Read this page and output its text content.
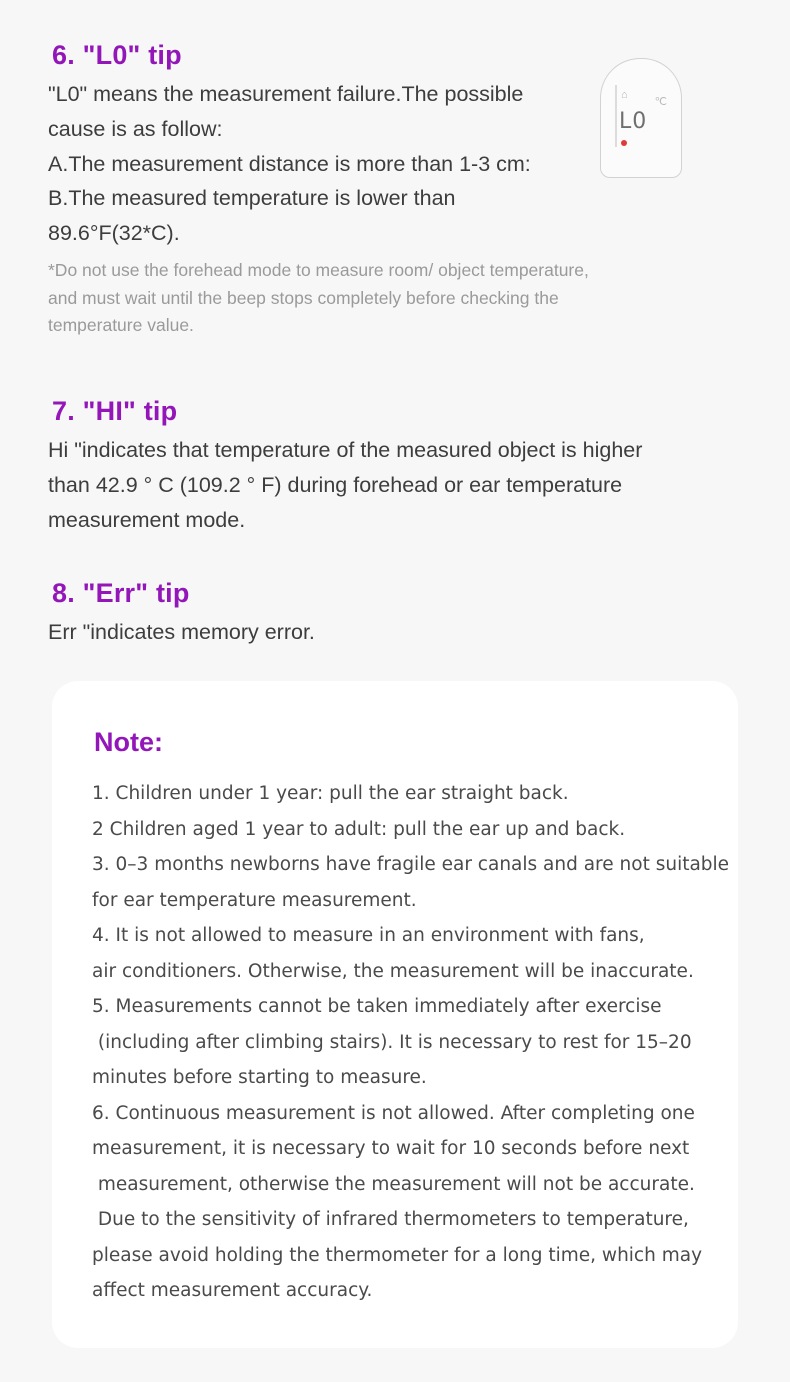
6. "L0" tip

"L0" means the measurement failure.The possible
cause is as follow:
A.The measurement distance is more than 1-3 cm:
B.The measured temperature is lower than 89.6°F(32*C).

*Do not use the forehead mode to measure room/ object temperature,
and must wait until the beep stops completely before checking the
temperature value.

⌂
L0
℃
7. "HI" tip

Hi "indicates that temperature of the measured object is higher
than 42.9 ° C (109.2 ° F) during forehead or ear temperature
measurement mode.

8. "Err" tip

Err "indicates memory error.

Note:
1. Children under 1 year: pull the ear straight back.
2 Children aged 1 year to adult: pull the ear up and back.
3. 0–3 months newborns have fragile ear canals and are not suitable
for ear temperature measurement.
4. It is not allowed to measure in an environment with fans,
air conditioners. Otherwise, the measurement will be inaccurate.
5. Measurements cannot be taken immediately after exercise
(including after climbing stairs). It is necessary to rest for 15–20
minutes before starting to measure.
6. Continuous measurement is not allowed. After completing one
measurement, it is necessary to wait for 10 seconds before next
measurement, otherwise the measurement will not be accurate.
Due to the sensitivity of infrared thermometers to temperature,
please avoid holding the thermometer for a long time, which may
affect measurement accuracy.
